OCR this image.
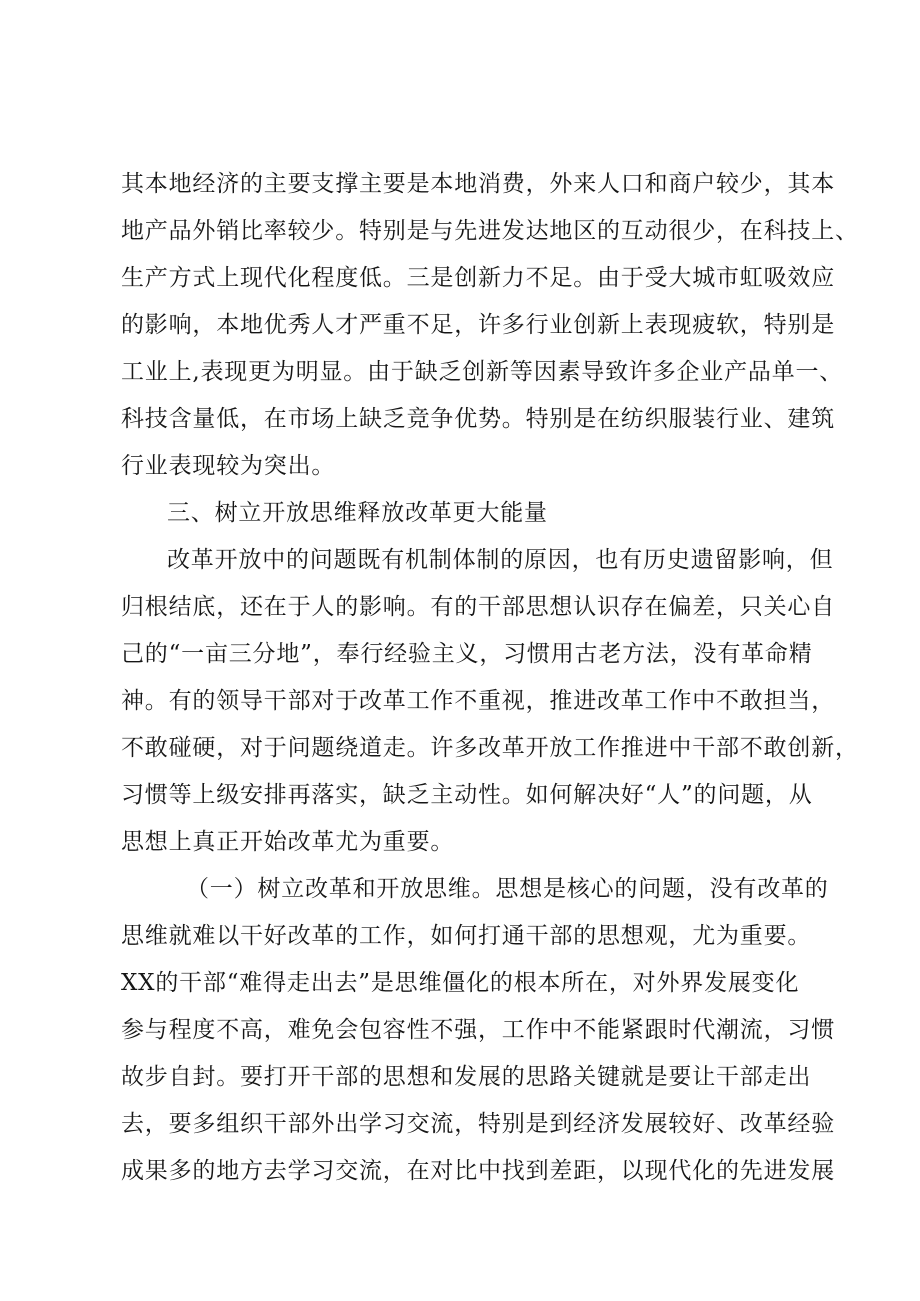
其本地经济的主要支撑主要是本地消费，外来人口和商户较少，其本
地产品外销比率较少。特别是与先进发达地区的互动很少，在科技上、
生产方式上现代化程度低。三是创新力不足。由于受大城市虹吸效应
的影响，本地优秀人才严重不足，许多行业创新上表现疲软，特别是
工业上,表现更为明显。由于缺乏创新等因素导致许多企业产品单一、
科技含量低，在市场上缺乏竞争优势。特别是在纺织服装行业、建筑
行业表现较为突出。
三、树立开放思维释放改革更大能量
改革开放中的问题既有机制体制的原因，也有历史遗留影响，但
归根结底，还在于人的影响。有的干部思想认识存在偏差，只关心自
己的“一亩三分地”，奉行经验主义，习惯用古老方法，没有革命精
神。有的领导干部对于改革工作不重视，推进改革工作中不敢担当，
不敢碰硬，对于问题绕道走。许多改革开放工作推进中干部不敢创新，
习惯等上级安排再落实，缺乏主动性。如何解决好“人”的问题，从
思想上真正开始改革尤为重要。
（一）树立改革和开放思维。思想是核心的问题，没有改革的
思维就难以干好改革的工作，如何打通干部的思想观，尤为重要。
XX的干部“难得走出去”是思维僵化的根本所在，对外界发展变化
参与程度不高，难免会包容性不强，工作中不能紧跟时代潮流，习惯
故步自封。要打开干部的思想和发展的思路关键就是要让干部走出
去，要多组织干部外出学习交流，特别是到经济发展较好、改革经验
成果多的地方去学习交流，在对比中找到差距，以现代化的先进发展
